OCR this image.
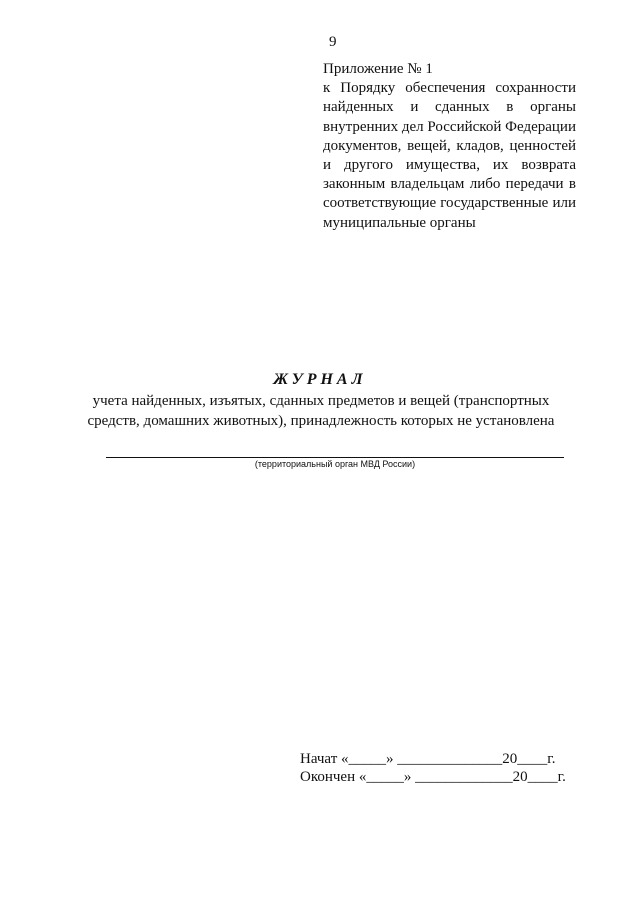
9

Приложение № 1

к Порядку обеспечения сохранности найденных и сданных в органы внутренних дел Российской Федерации документов, вещей, кладов, ценностей и другого имущества, их возврата законным владельцам либо передачи в соответствующие государственные или муниципальные органы

ЖУРНАЛ

учета найденных, изъятых, сданных предметов и вещей (транспортных средств, домашних животных), принадлежность которых не установлена

(территориальный орган МВД России)
Начат «_____» ______________20____г.
Окончен «_____» _____________20____г.
